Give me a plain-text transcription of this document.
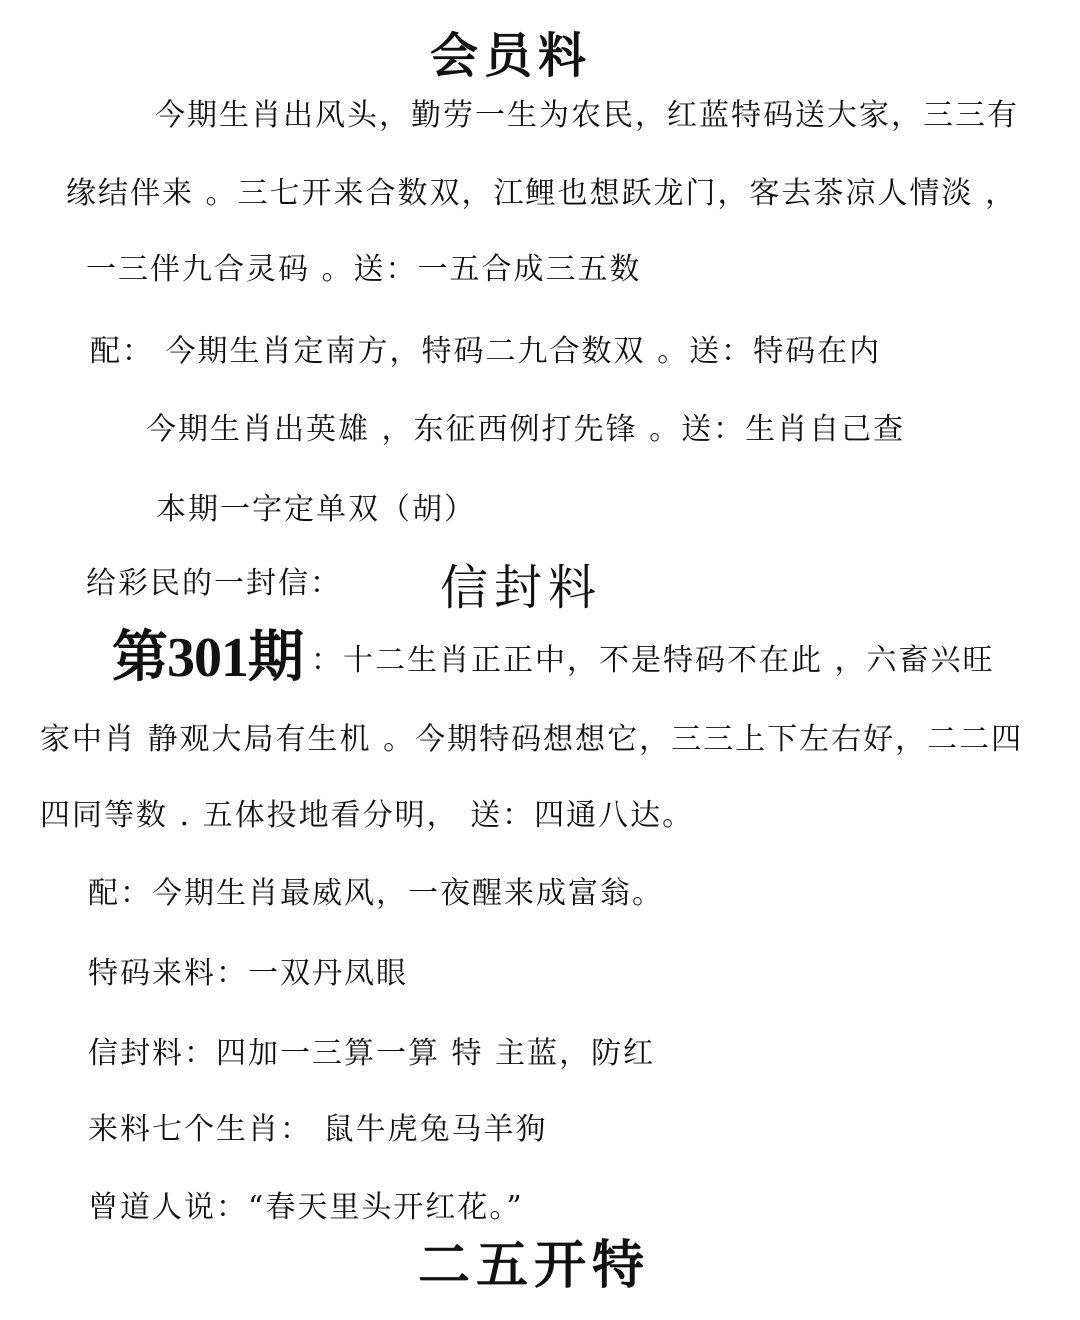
会员料
今期生肖出风头，勤劳一生为农民，红蓝特码送大家，三三有
缘结伴来 。三七开来合数双，江鲤也想跃龙门，客去茶凉人情淡 ，
一三伴九合灵码 。送：一五合成三五数
配： 今期生肖定南方，特码二九合数双 。送：特码在内
今期生肖出英雄 ，东征西例打先锋 。送：生肖自己查
本期一字定单双（胡）
给彩民的一封信： 信封料
第301期 ：十二生肖正正中，不是特码不在此 ，六畜兴旺
家中肖 静观大局有生机 。今期特码想想它，三三上下左右好，二二四
四同等数 . 五体投地看分明， 送：四通八达。
配：今期生肖最威风，一夜醒来成富翁。
特码来料：一双丹凤眼
信封料：四加一三算一算 特 主蓝，防红
来料七个生肖： 鼠牛虎兔马羊狗
曾道人说：“春天里头开红花。”
二五开特
